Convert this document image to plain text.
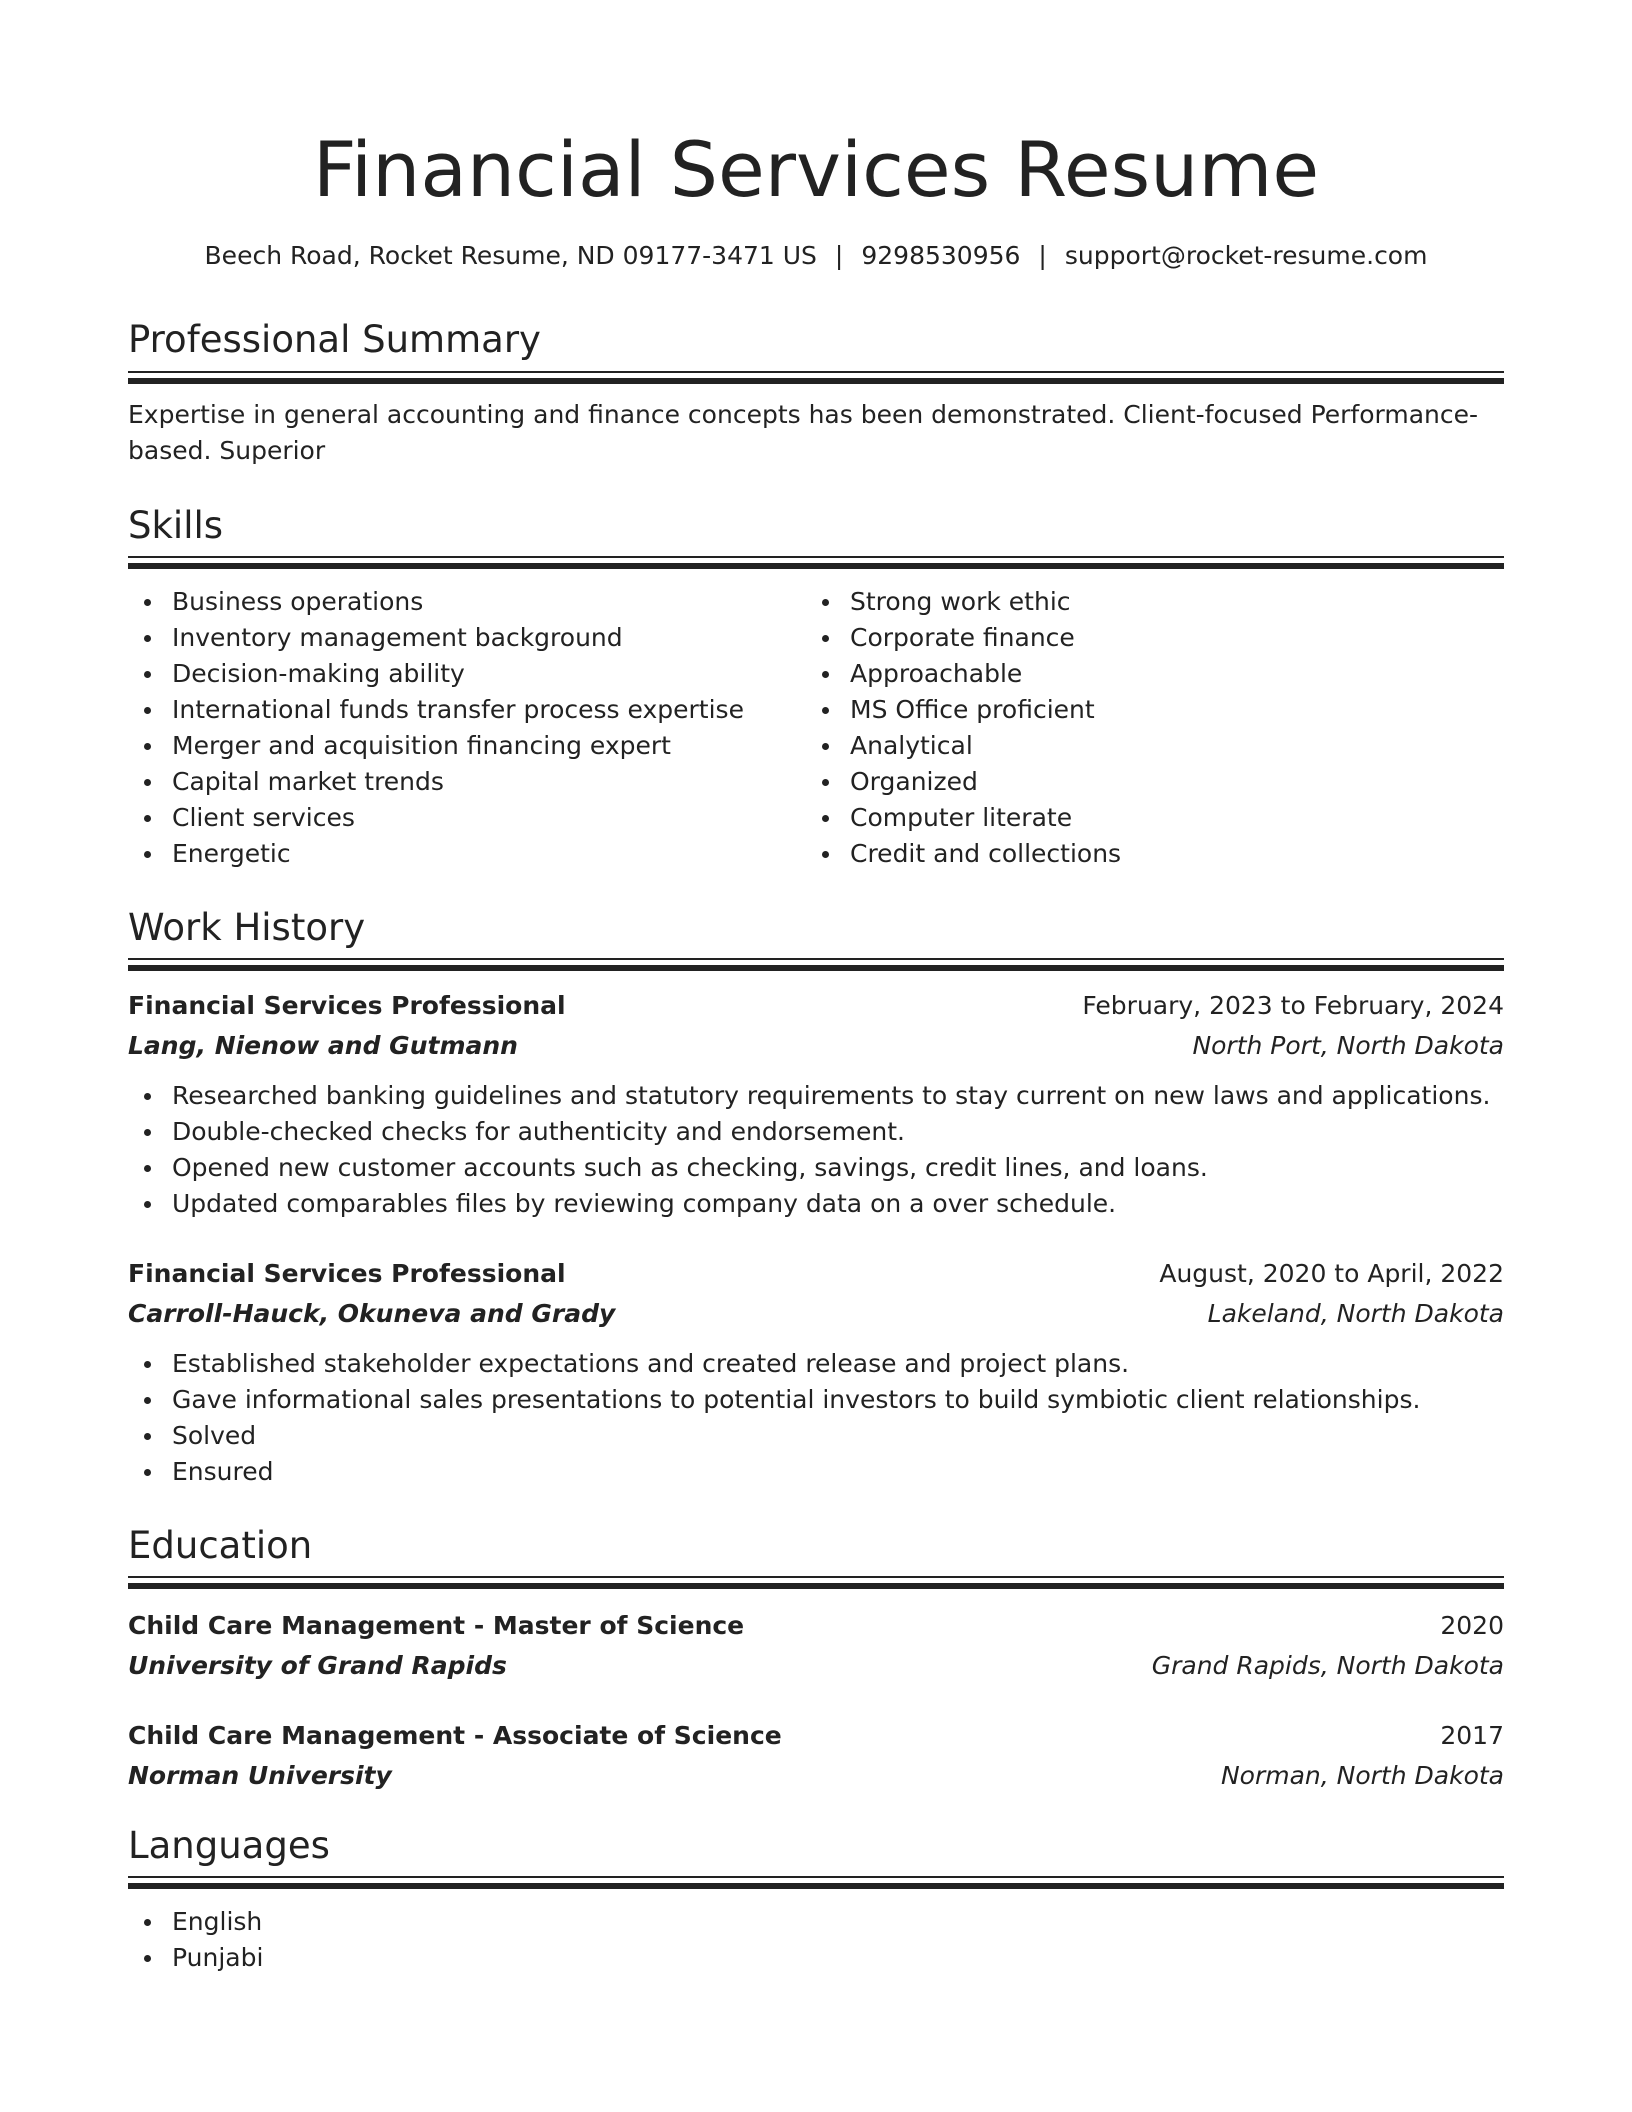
Financial Services Resume
Beech Road, Rocket Resume, ND 09177-3471 US | 9298530956 | support@rocket-resume.com
Professional Summary
Expertise in general accounting and finance concepts has been demonstrated. Client-focused Performance-based. Superior
Skills
Business operations
Inventory management background
Decision-making ability
International funds transfer process expertise
Merger and acquisition financing expert
Capital market trends
Client services
Energetic
Strong work ethic
Corporate finance
Approachable
MS Office proficient
Analytical
Organized
Computer literate
Credit and collections
Work History
Financial Services Professional	February, 2023 to February, 2024
Lang, Nienow and Gutmann	North Port, North Dakota
Researched banking guidelines and statutory requirements to stay current on new laws and applications.
Double-checked checks for authenticity and endorsement.
Opened new customer accounts such as checking, savings, credit lines, and loans.
Updated comparables files by reviewing company data on a over schedule.
Financial Services Professional	August, 2020 to April, 2022
Carroll-Hauck, Okuneva and Grady	Lakeland, North Dakota
Established stakeholder expectations and created release and project plans.
Gave informational sales presentations to potential investors to build symbiotic client relationships.
Solved
Ensured
Education
Child Care Management - Master of Science	2020
University of Grand Rapids	Grand Rapids, North Dakota
Child Care Management - Associate of Science	2017
Norman University	Norman, North Dakota
Languages
English
Punjabi
